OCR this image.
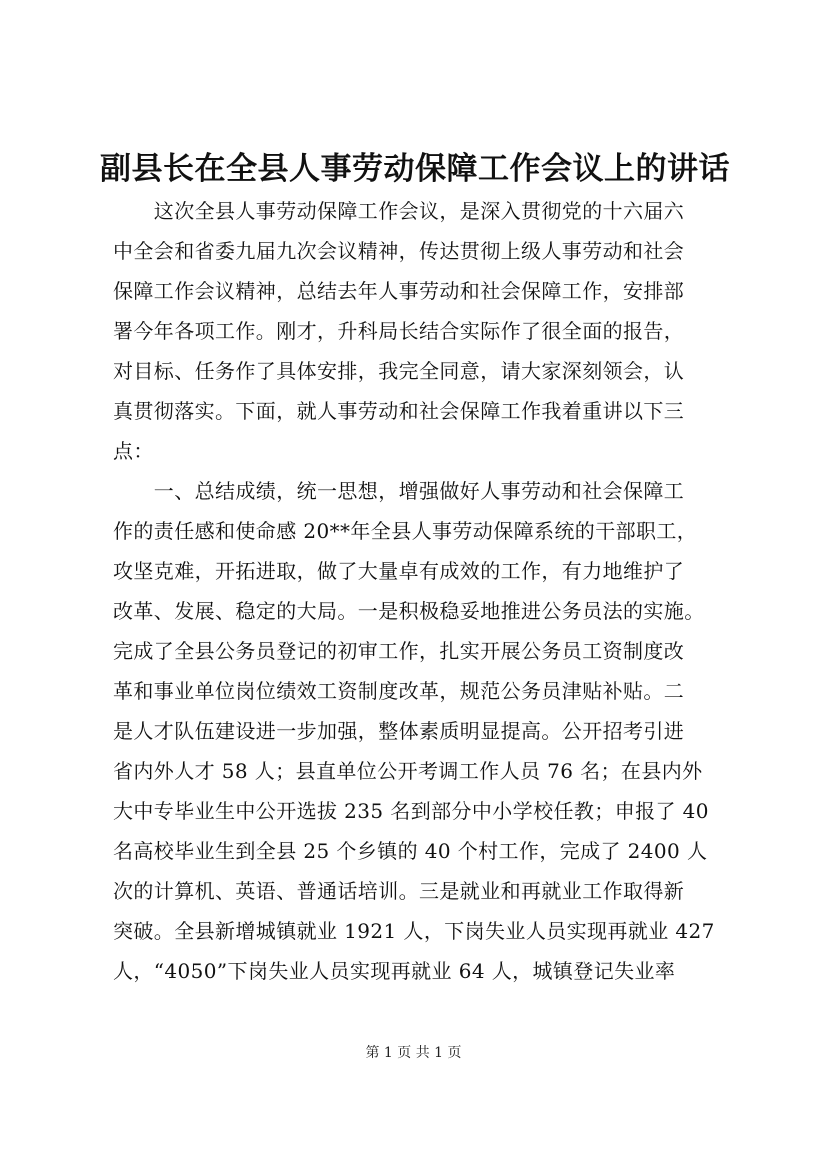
副县长在全县人事劳动保障工作会议上的讲话
　　这次全县人事劳动保障工作会议，是深入贯彻党的十六届六
中全会和省委九届九次会议精神，传达贯彻上级人事劳动和社会
保障工作会议精神，总结去年人事劳动和社会保障工作，安排部
署今年各项工作。刚才，升科局长结合实际作了很全面的报告，
对目标、任务作了具体安排，我完全同意，请大家深刻领会，认
真贯彻落实。下面，就人事劳动和社会保障工作我着重讲以下三
点：
　　一、总结成绩，统一思想，增强做好人事劳动和社会保障工
作的责任感和使命感 20**年全县人事劳动保障系统的干部职工，
攻坚克难，开拓进取，做了大量卓有成效的工作，有力地维护了
改革、发展、稳定的大局。一是积极稳妥地推进公务员法的实施。
完成了全县公务员登记的初审工作，扎实开展公务员工资制度改
革和事业单位岗位绩效工资制度改革，规范公务员津贴补贴。二
是人才队伍建设进一步加强，整体素质明显提高。公开招考引进
省内外人才 58 人；县直单位公开考调工作人员 76 名；在县内外
大中专毕业生中公开选拔 235 名到部分中小学校任教；申报了 40
名高校毕业生到全县 25 个乡镇的 40 个村工作，完成了 2400 人
次的计算机、英语、普通话培训。三是就业和再就业工作取得新
突破。全县新增城镇就业 1921 人，下岗失业人员实现再就业 427
人，“4050”下岗失业人员实现再就业 64 人，城镇登记失业率
第 1 页 共 1 页
